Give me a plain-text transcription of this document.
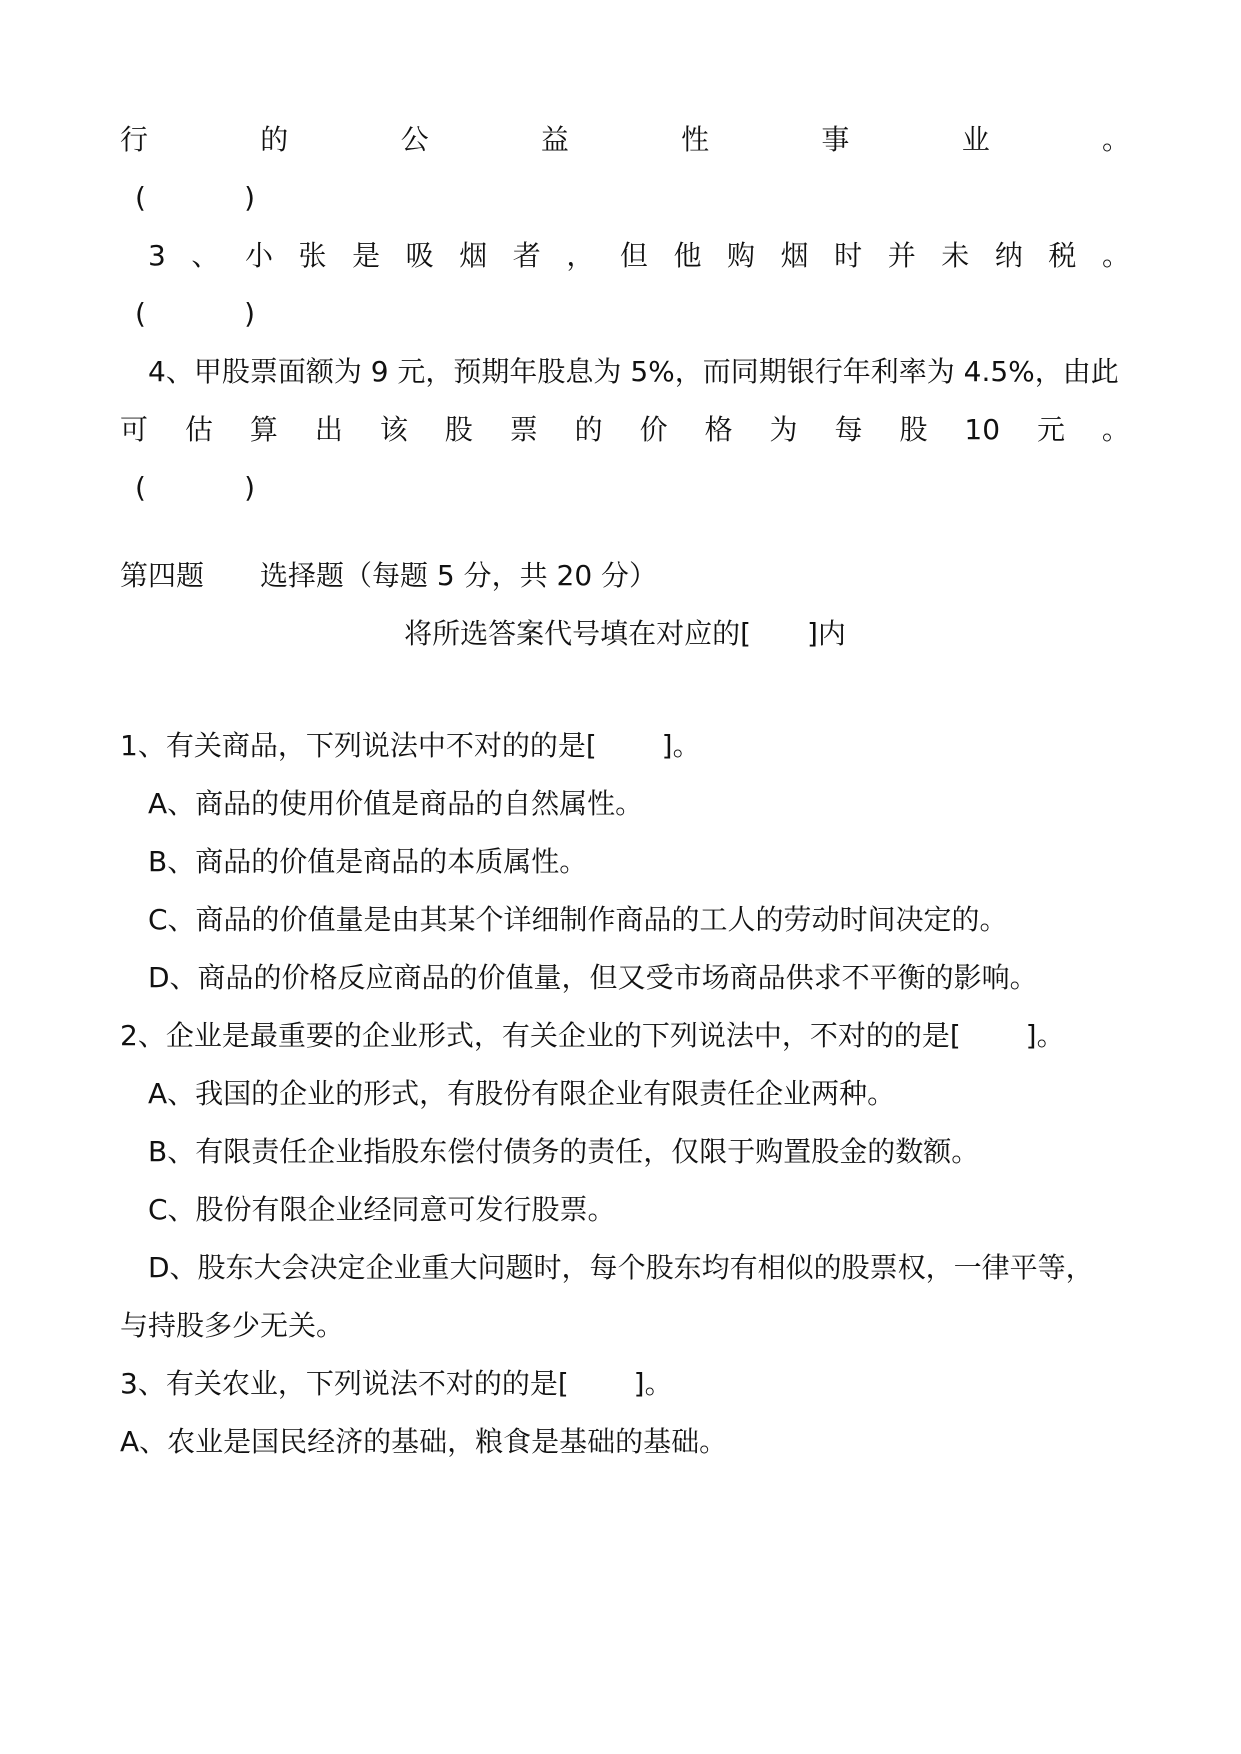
行	的	公	益	性	事	业	。
(	)
3 、 小 张 是 吸 烟 者 ， 但 他 购 烟 时 并 未 纳 税 。
(	)
4、甲股票面额为 9 元，预期年股息为 5%，而同期银行年利率为 4.5%，由此
可 估 算 出 该 股 票 的 价 格 为 每 股 10 元 。
(	)
第四题　　选择题（每题 5 分，共 20 分）
将所选答案代号填在对应的[　　]内
1、有关商品，下列说法中不对的的是[　　 ]。
A、商品的使用价值是商品的自然属性。
B、商品的价值是商品的本质属性。
C、商品的价值量是由其某个详细制作商品的工人的劳动时间决定的。
D、商品的价格反应商品的价值量，但又受市场商品供求不平衡的影响。
2、企业是最重要的企业形式，有关企业的下列说法中，不对的的是[　　 ]。
A、我国的企业的形式，有股份有限企业有限责任企业两种。
B、有限责任企业指股东偿付债务的责任，仅限于购置股金的数额。
C、股份有限企业经同意可发行股票。
D、股东大会决定企业重大问题时，每个股东均有相似的股票权，一律平等，
与持股多少无关。
3、有关农业，下列说法不对的的是[　　 ]。
A、农业是国民经济的基础，粮食是基础的基础。
